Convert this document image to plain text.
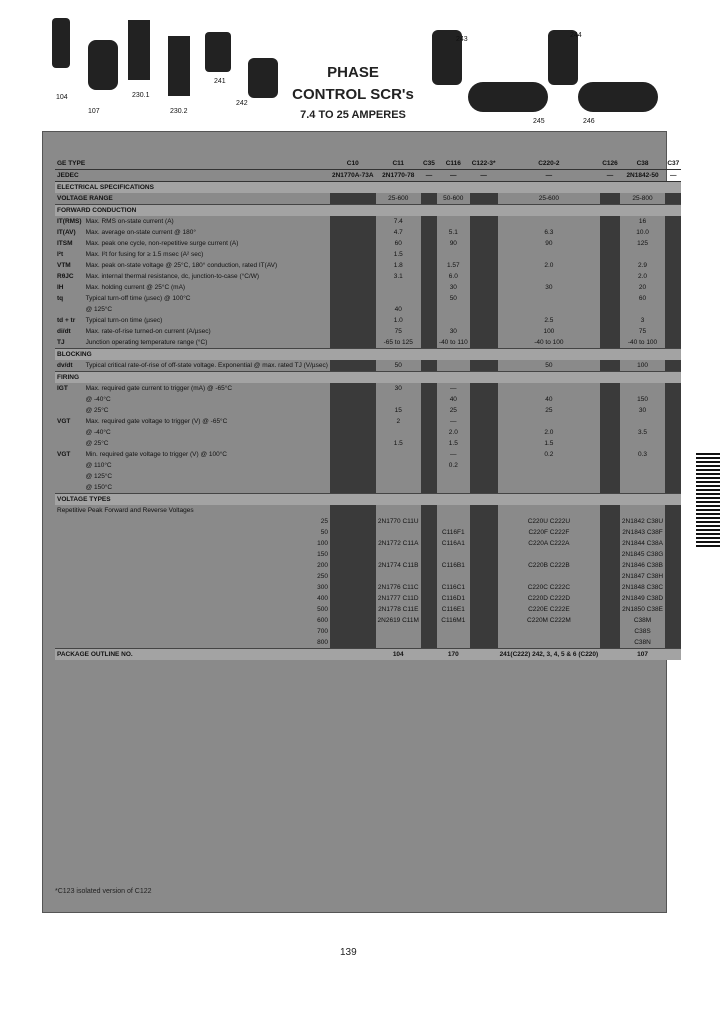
104
107
230.1
230.2
241
242
243
244
245	246
PHASE
CONTROL SCR's
7.4 TO 25 AMPERES
GE TYPE		C10	C11	C35	C116	C122-3*	C220-2	C126	C38	C37
JEDEC		2N1770A-73A	2N1770-78	—	—	—	—	—	2N1842-50	—
ELECTRICAL SPECIFICATIONS										
VOLTAGE RANGE			25-600		50-600		25-600		25-800	
FORWARD CONDUCTION										
IT(RMS)	Max. RMS on-state current (A)		7.4						16	
IT(AV)	Max. average on-state current @ 180°		4.7		5.1		6.3		10.0	
ITSM	Max. peak one cycle, non-repetitive surge current (A)		60		90		90		125	
I²t	Max. I²t for fusing for ≥ 1.5 msec (A² sec)		1.5							
VTM	Max. peak on-state voltage @ 25°C, 180° conduction, rated IT(AV)		1.8		1.57		2.0		2.9	
RθJC	Max. internal thermal resistance, dc, junction-to-case (°C/W)		3.1		6.0				2.0	
IH	Max. holding current @ 25°C (mA)				30		30		20	
tq	Typical turn-off time (µsec) @ 100°C				50				60	
	@ 125°C		40							
td + tr	Typical turn-on time (µsec)		1.0				2.5		3	
di/dt	Max. rate-of-rise turned-on current (A/µsec)		75		30		100		75	
TJ	Junction operating temperature range (°C)		-65 to 125		-40 to 110		-40 to 100		-40 to 100	
BLOCKING										
dv/dt	Typical critical rate-of-rise of off-state voltage. Exponential @ max. rated TJ (V/µsec)		50				50		100	
FIRING										
IGT	Max. required gate current to trigger (mA) @ -65°C		30		—					
	@ -40°C				40		40		150	
	@ 25°C		15		25		25		30	
VGT	Max. required gate voltage to trigger (V) @ -65°C		2		—					
	@ -40°C				2.0		2.0		3.5	
	@ 25°C		1.5		1.5		1.5			
VGT	Min. required gate voltage to trigger (V) @ 100°C				—		0.2		0.3	
	@ 110°C				0.2					
	@ 125°C									
	@ 150°C									
VOLTAGE TYPES										
Repetitive Peak Forward and Reverse Voltages										
25			2N1770 C11U				C220U C222U		2N1842 C38U	
50					C116F1		C220F C222F		2N1843 C38F	
100			2N1772 C11A		C116A1		C220A C222A		2N1844 C38A	
150									2N1845 C38G	
200			2N1774 C11B		C116B1		C220B C222B		2N1846 C38B	
250									2N1847 C38H	
300			2N1776 C11C		C116C1		C220C C222C		2N1848 C38C	
400			2N1777 C11D		C116D1		C220D C222D		2N1849 C38D	
500			2N1778 C11E		C116E1		C220E C222E		2N1850 C38E	
600			2N2619 C11M		C116M1		C220M C222M		C38M	
700									C38S	
800									C38N	
PACKAGE OUTLINE NO.			104		170		241(C222) 242, 3, 4, 5 & 6 (C220)		107	
*C123 isolated version of C122
139
